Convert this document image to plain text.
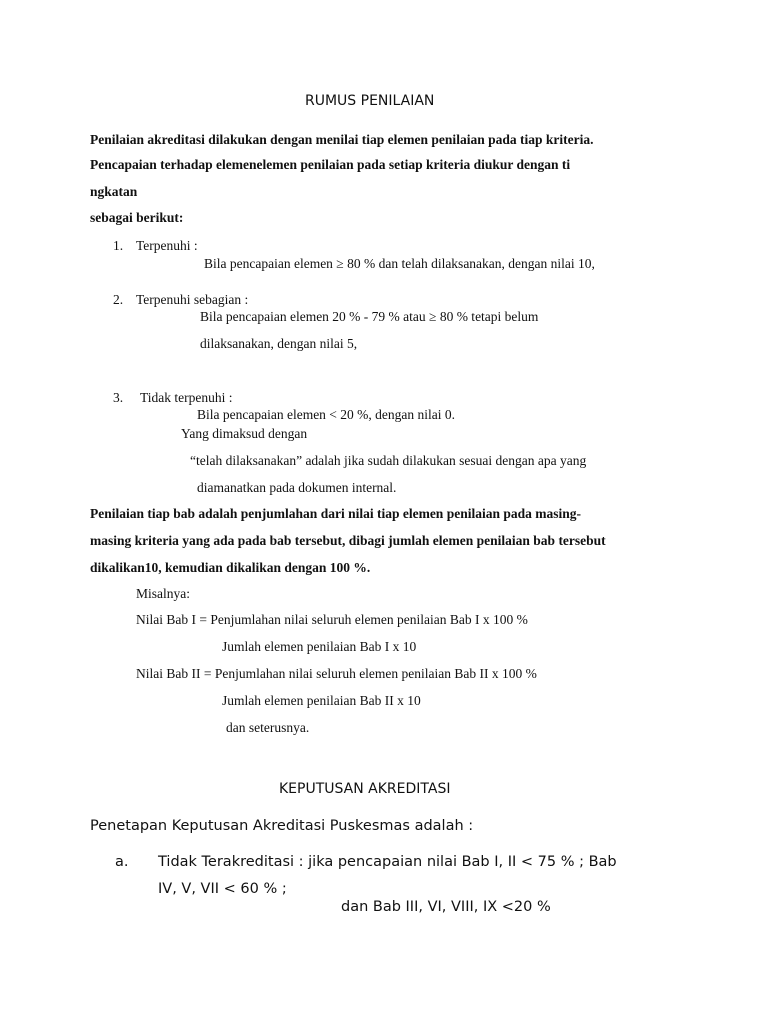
RUMUS PENILAIAN
Penilaian akreditasi dilakukan dengan menilai tiap elemen penilaian pada tiap kriteria.
Pencapaian terhadap elemenelemen penilaian pada setiap kriteria diukur dengan ti
ngkatan
sebagai berikut:
1. Terpenuhi :
Bila pencapaian elemen ≥ 80 % dan telah dilaksanakan, dengan nilai 10,
2. Terpenuhi sebagian :
Bila pencapaian elemen 20 % - 79 % atau ≥ 80 % tetapi belum
dilaksanakan, dengan nilai 5,
3. Tidak terpenuhi :
Bila pencapaian elemen < 20 %, dengan nilai 0.
Yang dimaksud dengan
“telah dilaksanakan” adalah jika sudah dilakukan sesuai dengan apa yang
diamanatkan pada dokumen internal.
Penilaian tiap bab adalah penjumlahan dari nilai tiap elemen penilaian pada masing-
masing kriteria yang ada pada bab tersebut, dibagi jumlah elemen penilaian bab tersebut
dikalikan10, kemudian dikalikan dengan 100 %.
Misalnya:
Nilai Bab I = Penjumlahan nilai seluruh elemen penilaian Bab I x 100 %
Jumlah elemen penilaian Bab I x 10
Nilai Bab II = Penjumlahan nilai seluruh elemen penilaian Bab II x 100 %
Jumlah elemen penilaian Bab II x 10
dan seterusnya.
KEPUTUSAN AKREDITASI
Penetapan Keputusan Akreditasi Puskesmas adalah :
a. Tidak Terakreditasi : jika pencapaian nilai Bab I, II < 75 % ; Bab
IV, V, VII < 60 % ;
dan Bab III, VI, VIII, IX <20 %
